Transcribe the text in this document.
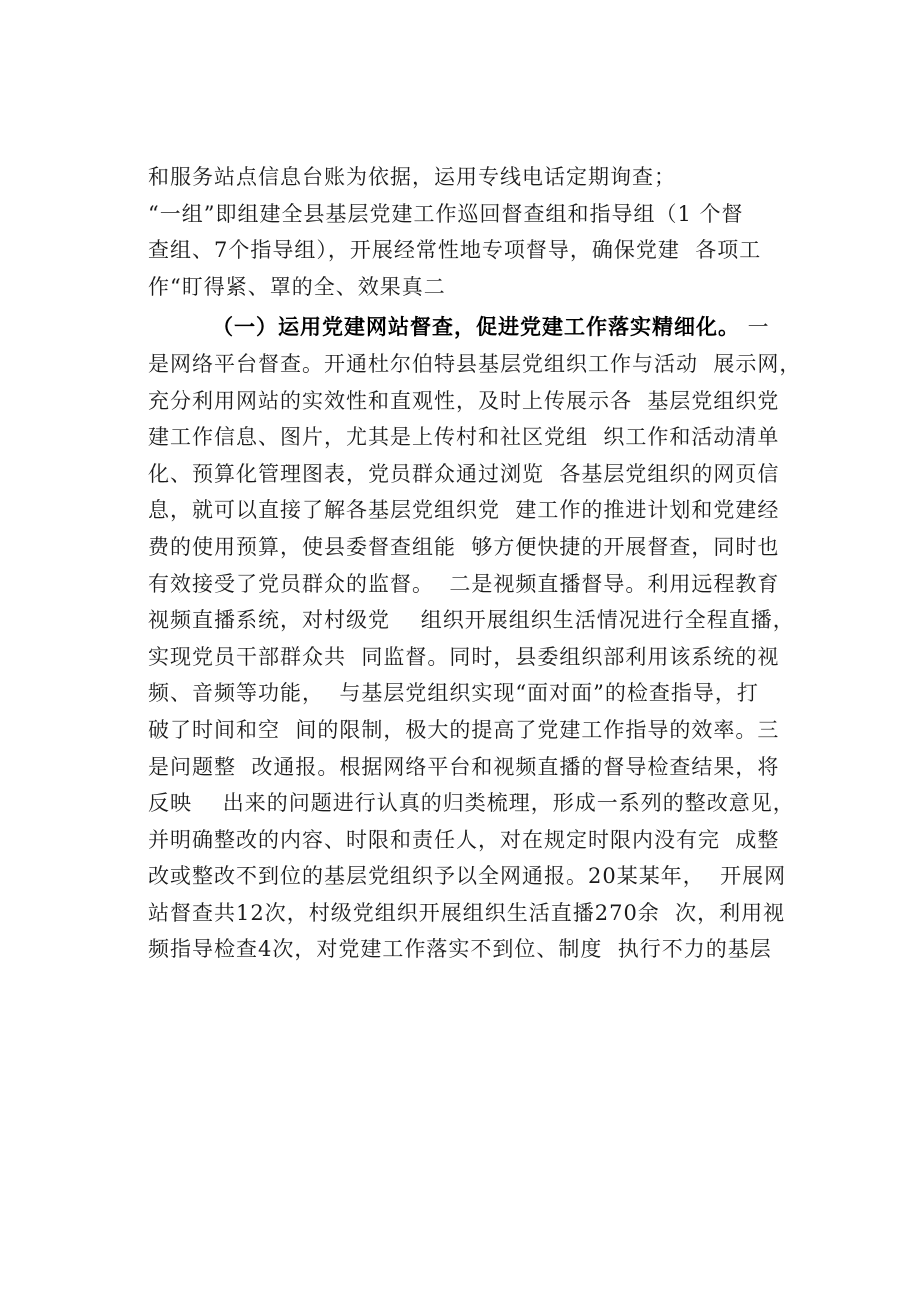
和服务站点信息台账为依据，运用专线电话定期询查；
“一组”即组建全县基层党建工作巡回督查组和指导组（1 个督
查组、7个指导组），开展经常性地专项督导，确保党建  各项工
作“盯得紧、罩的全、效果真二
（一）运用党建网站督查，促进党建工作落实精细化。 一
是网络平台督查。开通杜尔伯特县基层党组织工作与活动  展示网，
充分利用网站的实效性和直观性，及时上传展示各  基层党组织党
建工作信息、图片，尤其是上传村和社区党组  织工作和活动清单
化、预算化管理图表，党员群众通过浏览  各基层党组织的网页信
息，就可以直接了解各基层党组织党  建工作的推进计划和党建经
费的使用预算，使县委督查组能  够方便快捷的开展督查，同时也
有效接受了党员群众的监督。  二是视频直播督导。利用远程教育
视频直播系统，对村级党    组织开展组织生活情况进行全程直播，
实现党员干部群众共  同监督。同时，县委组织部利用该系统的视
频、音频等功能，  与基层党组织实现“面对面”的检查指导，打
破了时间和空  间的限制，极大的提高了党建工作指导的效率。三
是问题整  改通报。根据网络平台和视频直播的督导检查结果，将
反映    出来的问题进行认真的归类梳理，形成一系列的整改意见，
并明确整改的内容、时限和责任人，对在规定时限内没有完  成整
改或整改不到位的基层党组织予以全网通报。20某某年，  开展网
站督查共12次，村级党组织开展组织生活直播270余  次，利用视
频指导检查4次，对党建工作落实不到位、制度  执行不力的基层
